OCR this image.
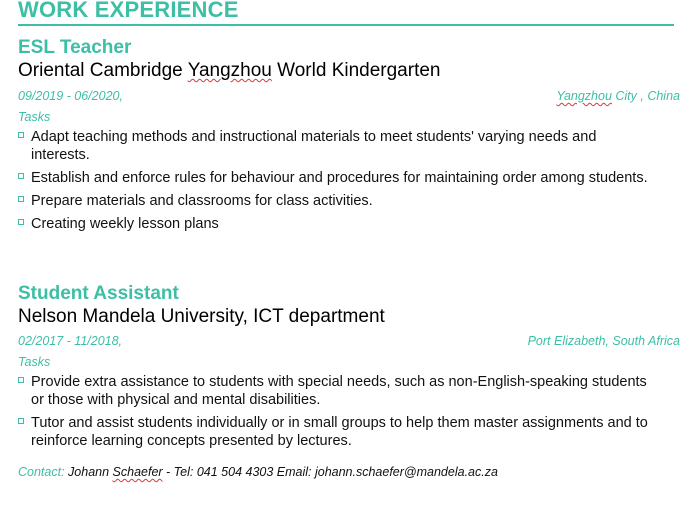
WORK EXPERIENCE
ESL Teacher
Oriental Cambridge Yangzhou World Kindergarten
09/2019 - 06/2020,	Yangzhou City , China
Tasks
Adapt teaching methods and instructional materials to meet students' varying needs and interests.
Establish and enforce rules for behaviour and procedures for maintaining order among students.
Prepare materials and classrooms for class activities.
Creating weekly lesson plans
Student Assistant
Nelson Mandela University, ICT department
02/2017 - 11/2018,	Port Elizabeth, South Africa
Tasks
Provide extra assistance to students with special needs, such as non-English-speaking students or those with physical and mental disabilities.
Tutor and assist students individually or in small groups to help them master assignments and to reinforce learning concepts presented by lectures.
Contact: Johann Schaefer - Tel: 041 504 4303 Email: johann.schaefer@mandela.ac.za
